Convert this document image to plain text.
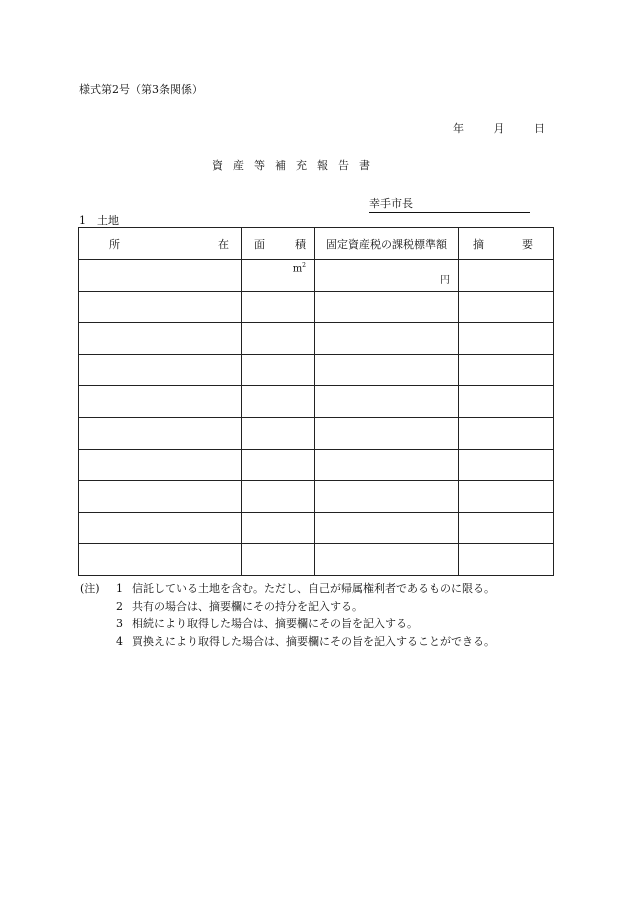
様式第2号（第3条関係）
年	月	日
資産等補充報告書
幸手市長
1　土地
所 在	面 積	固定資産税の課税標準額	摘 要

	$m^2$	円	

(注)	1 信託している土地を含む。ただし、自己が帰属権利者であるものに限る。
2 共有の場合は、摘要欄にその持分を記入する。
3 相続により取得した場合は、摘要欄にその旨を記入する。
4 買換えにより取得した場合は、摘要欄にその旨を記入することができる。
